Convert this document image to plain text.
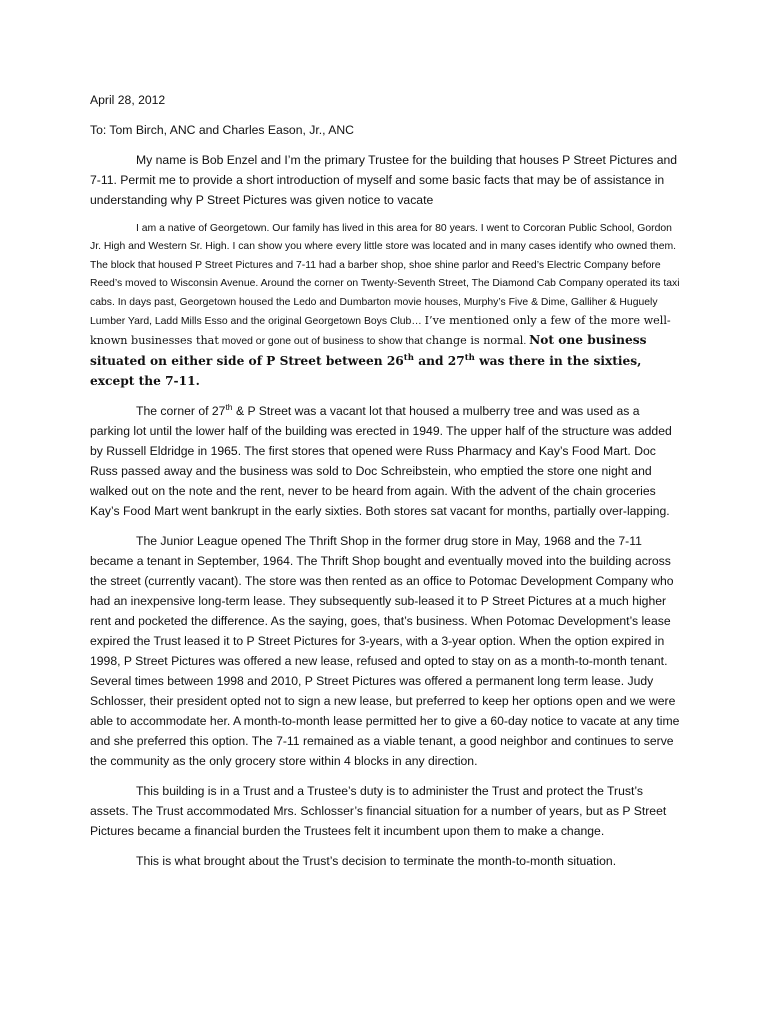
April 28, 2012

To: Tom Birch, ANC and Charles Eason, Jr., ANC

My name is Bob Enzel and I’m the primary Trustee for the building that houses P Street Pictures and 7-11. Permit me to provide a short introduction of myself and some basic facts that may be of assistance in understanding why P Street Pictures was given notice to vacate

I am a native of Georgetown. Our family has lived in this area for 80 years. I went to Corcoran Public School, Gordon Jr. High and Western Sr. High. I can show you where every little store was located and in many cases identify who owned them. The block that housed P Street Pictures and 7-11 had a barber shop, shoe shine parlor and Reed’s Electric Company before Reed’s moved to Wisconsin Avenue. Around the corner on Twenty-Seventh Street, The Diamond Cab Company operated its taxi cabs. In days past, Georgetown housed the Ledo and Dumbarton movie houses, Murphy’s Five & Dime, Galliher & Huguely Lumber Yard, Ladd Mills Esso and the original Georgetown Boys Club… I’ve mentioned only a few of the more well-known businesses that moved or gone out of business to show that change is normal. Not one business situated on either side of P Street between 26th and 27th was there in the sixties, except the 7-11.

The corner of 27th & P Street was a vacant lot that housed a mulberry tree and was used as a parking lot until the lower half of the building was erected in 1949. The upper half of the structure was added by Russell Eldridge in 1965. The first stores that opened were Russ Pharmacy and Kay’s Food Mart. Doc Russ passed away and the business was sold to Doc Schreibstein, who emptied the store one night and walked out on the note and the rent, never to be heard from again. With the advent of the chain groceries Kay’s Food Mart went bankrupt in the early sixties. Both stores sat vacant for months, partially over-lapping.

The Junior League opened The Thrift Shop in the former drug store in May, 1968 and the 7-11 became a tenant in September, 1964. The Thrift Shop bought and eventually moved into the building across the street (currently vacant). The store was then rented as an office to Potomac Development Company who had an inexpensive long-term lease. They subsequently sub-leased it to P Street Pictures at a much higher rent and pocketed the difference. As the saying, goes, that’s business. When Potomac Development’s lease expired the Trust leased it to P Street Pictures for 3-years, with a 3-year option. When the option expired in 1998, P Street Pictures was offered a new lease, refused and opted to stay on as a month-to-month tenant. Several times between 1998 and 2010, P Street Pictures was offered a permanent long term lease. Judy Schlosser, their president opted not to sign a new lease, but preferred to keep her options open and we were able to accommodate her. A month-to-month lease permitted her to give a 60-day notice to vacate at any time and she preferred this option. The 7-11 remained as a viable tenant, a good neighbor and continues to serve the community as the only grocery store within 4 blocks in any direction.

This building is in a Trust and a Trustee’s duty is to administer the Trust and protect the Trust’s assets. The Trust accommodated Mrs. Schlosser’s financial situation for a number of years, but as P Street Pictures became a financial burden the Trustees felt it incumbent upon them to make a change.

This is what brought about the Trust’s decision to terminate the month-to-month situation.
